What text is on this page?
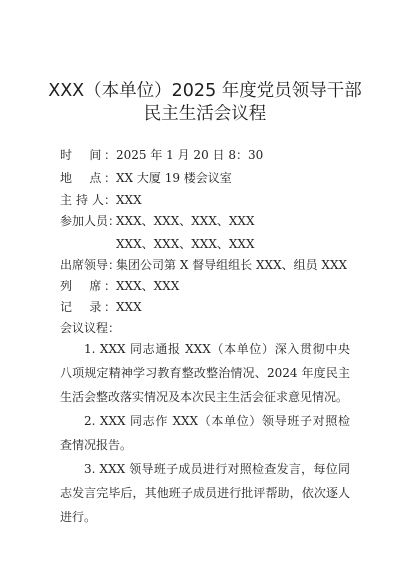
XXX（本单位）2025 年度党员领导干部
民主生活会议程
时　间：2025 年 1 月 20 日 8：30
地　点：XX 大厦 19 楼会议室
主 持 人：XXX
参加人员：XXX、XXX、XXX、XXX
XXX、XXX、XXX、XXX
出席领导：集团公司第 X 督导组组长 XXX、组员 XXX
列　席：XXX、XXX
记　录：XXX
会议议程：
1. XXX 同志通报 XXX（本单位）深入贯彻中央八项规定精神学习教育整改整治情况、2024 年度民主生活会整改落实情况及本次民主生活会征求意见情况。
2. XXX 同志作 XXX（本单位）领导班子对照检查情况报告。
3. XXX 领导班子成员进行对照检查发言，每位同志发言完毕后，其他班子成员进行批评帮助，依次逐人进行。
